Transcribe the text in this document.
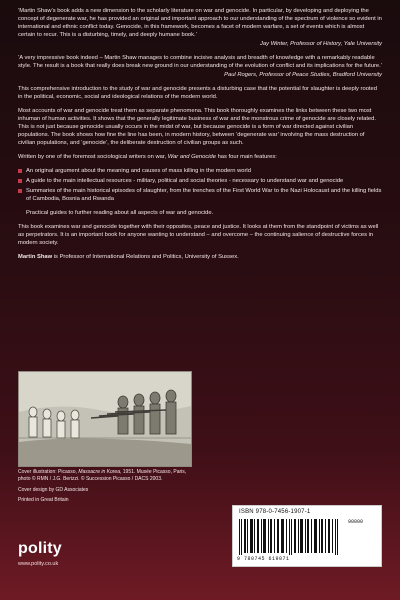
‘Martin Shaw’s book adds a new dimension to the scholarly literature on war and genocide. In particular, by developing and deploying the concept of degenerate war, he has provided an original and important approach to our understanding of the spectrum of violence so evident in international and ethnic conflict today. Genocide, in this framework, becomes a facet of modern warfare, a set of events which is almost certain to recur. This is a disturbing, timely, and deeply humane book.’

Jay Winter, Professor of History, Yale University

‘A very impressive book indeed – Martin Shaw manages to combine incisive analysis and breadth of knowledge with a remarkably readable style. The result is a book that really does break new ground in our understanding of the evolution of conflict and its implications for the future.’

Paul Rogers, Professor of Peace Studies, Bradford University

This comprehensive introduction to the study of war and genocide presents a disturbing case that the potential for slaughter is deeply rooted in the political, economic, social and ideological relations of the modern world.

Most accounts of war and genocide treat them as separate phenomena. This book thoroughly examines the links between these two most inhuman of human activities. It shows that the generally legitimate business of war and the monstrous crime of genocide are closely related. This is not just because genocide usually occurs in the midst of war, but because genocide is a form of war directed against civilian populations. The book shows how fine the line has been, in modern history, between ‘degenerate war’ involving the mass destruction of civilian populations, and ‘genocide’, the deliberate destruction of civilian groups as such.

Written by one of the foremost sociological writers on war, War and Genocide has four main features:

An original argument about the meaning and causes of mass killing in the modern world
A guide to the main intellectual resources - military, political and social theories - necessary to understand war and genocide
Summaries of the main historical episodes of slaughter, from the trenches of the First World War to the Nazi Holocaust and the killing fields of Cambodia, Bosnia and Rwanda
Practical guides to further reading about all aspects of war and genocide.

This book examines war and genocide together with their opposites, peace and justice. It looks at them from the standpoint of victims as well as perpetrators. It is an important book for anyone wanting to understand – and overcome – the continuing salience of destructive forces in modern society.

Martin Shaw is Professor of International Relations and Politics, University of Sussex.

Cover illustration: Picasso, Massacre in Korea, 1951. Musée Picasso, Paris, photo © RMN / J.G. Berizzi. © Succession Picasso / DACS 2003.
Cover design by GD Associates
Printed in Great Britain
ISBN 978-0-7456-1907-1
90000
9 780745 619071
polity
www.polity.co.uk
